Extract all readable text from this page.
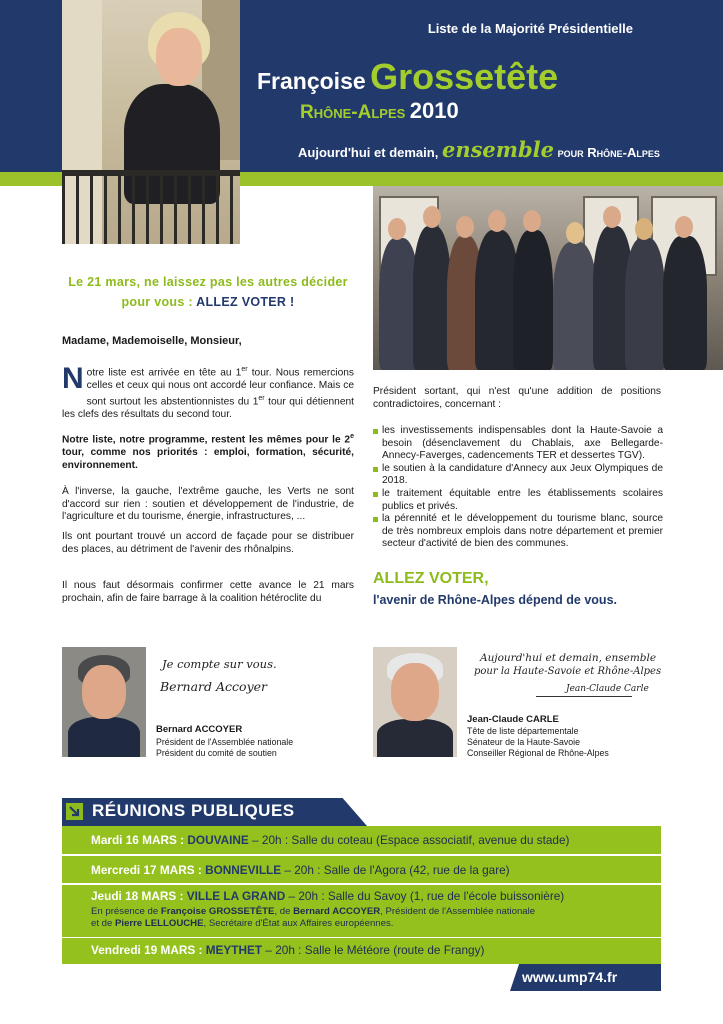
Liste de la Majorité Présidentielle
Françoise Grossetête
Rhône-Alpes 2010
Aujourd'hui et demain, ensemble pour Rhône-Alpes
Le 21 mars, ne laissez pas les autres décider pour vous : ALLEZ VOTER !
Madame, Mademoiselle, Monsieur,
Notre liste est arrivée en tête au 1er tour. Nous remercions celles et ceux qui nous ont accordé leur confiance. Mais ce sont surtout les abstentionnistes du 1er tour qui détiennent les clefs des résultats du second tour.
Notre liste, notre programme, restent les mêmes pour le 2e tour, comme nos priorités : emploi, formation, sécurité, environnement.
À l'inverse, la gauche, l'extrême gauche, les Verts ne sont d'accord sur rien : soutien et développement de l'industrie, de l'agriculture et du tourisme, énergie, infrastructures, ...
Ils ont pourtant trouvé un accord de façade pour se distribuer des places, au détriment de l'avenir des rhônalpins.
Il nous faut désormais confirmer cette avance le 21 mars prochain, afin de faire barrage à la coalition hétéroclite du
Président sortant, qui n'est qu'une addition de positions contradictoires, concernant :
les investissements indispensables dont la Haute-Savoie a besoin (désenclavement du Chablais, axe Bellegarde-Annecy-Faverges, cadencements TER et dessertes TGV).
le soutien à la candidature d'Annecy aux Jeux Olympiques de 2018.
le traitement équitable entre les établissements scolaires publics et privés.
la pérennité et le développement du tourisme blanc, source de très nombreux emplois dans notre département et premier secteur d'activité de bien des communes.
ALLEZ VOTER,
l'avenir de Rhône-Alpes dépend de vous.
Je compte sur vous.
Bernard Accoyer
Bernard ACCOYER
Président de l'Assemblée nationale
Président du comité de soutien
Aujourd'hui et demain, ensemble
pour la Haute-Savoie et Rhône-Alpes
Jean-Claude Carle
Jean-Claude CARLE
Tête de liste départementale
Sénateur de la Haute-Savoie
Conseiller Régional de Rhône-Alpes
RÉUNIONS PUBLIQUES
Mardi 16 MARS : DOUVAINE – 20h : Salle du coteau (Espace associatif, avenue du stade)
Mercredi 17 MARS : BONNEVILLE – 20h : Salle de l'Agora (42, rue de la gare)
Jeudi 18 MARS : VILLE LA GRAND – 20h : Salle du Savoy (1, rue de l'école buissonière)
En présence de Françoise GROSSETÊTE, de Bernard ACCOYER, Président de l'Assemblée nationale
et de Pierre LELLOUCHE, Secrétaire d'État aux Affaires européennes.
Vendredi 19 MARS : MEYTHET – 20h : Salle le Météore (route de Frangy)
www.ump74.fr
